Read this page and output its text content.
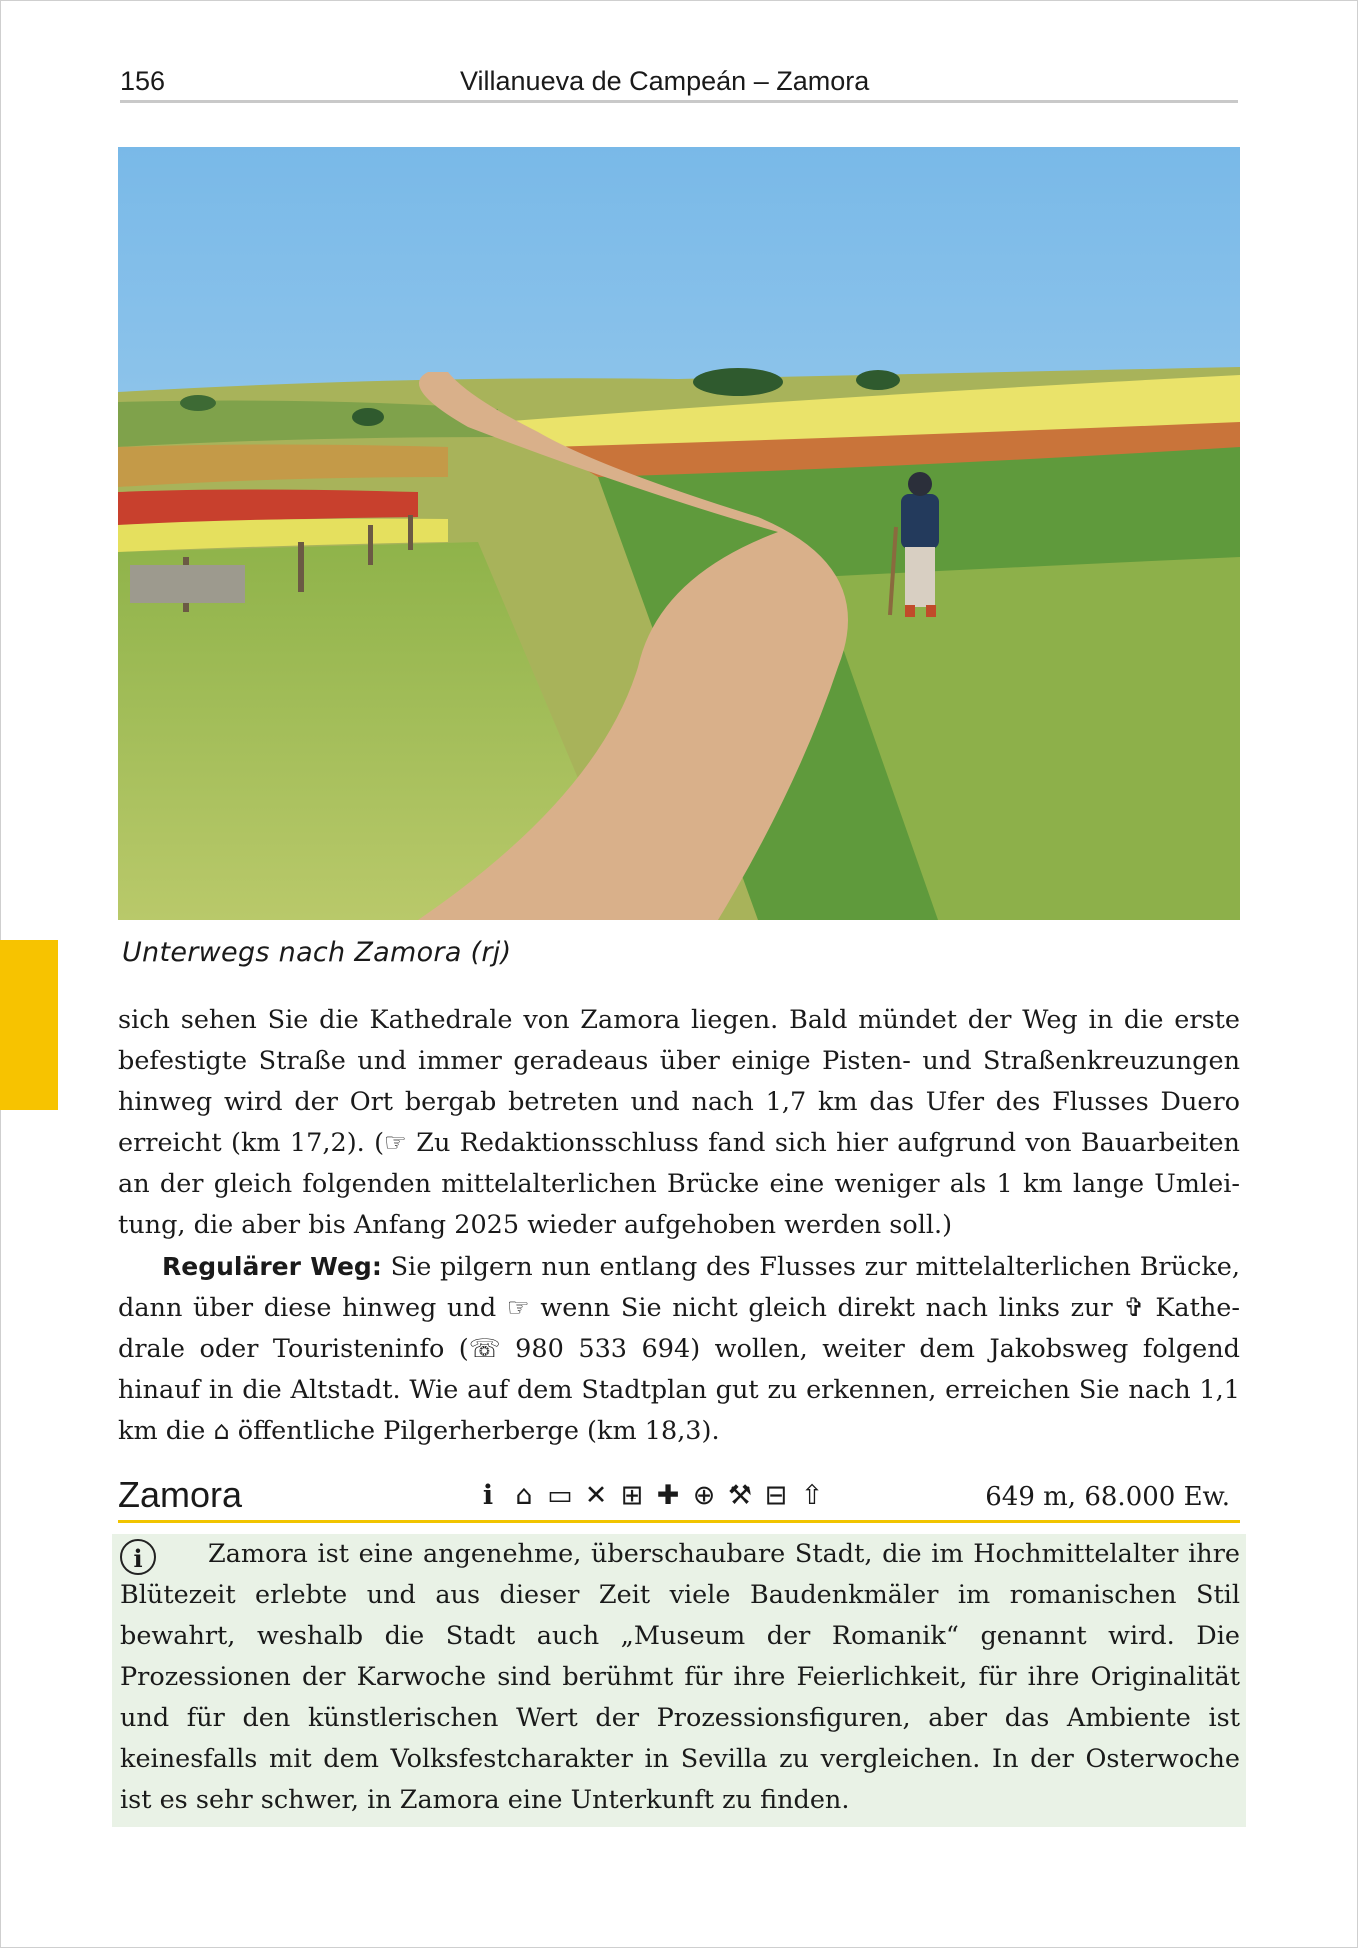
156	Villanueva de Campeán – Zamora
Unterwegs nach Zamora (rj)

sich sehen Sie die Kathedrale von Zamora liegen. Bald mündet der Weg in die erste befestigte Straße und immer geradeaus über einige Pisten- und Straßenkreuzungen hinweg wird der Ort bergab betreten und nach 1,7 km das Ufer des Flusses Duero erreicht (km 17,2). (☞ Zu Redaktionsschluss fand sich hier aufgrund von Bauarbeiten an der gleich folgenden mittelalterlichen Brücke eine weniger als 1 km lange Umleitung, die aber bis Anfang 2025 wieder aufgehoben werden soll.)

Regulärer Weg: Sie pilgern nun entlang des Flusses zur mittelalterlichen Brücke, dann über diese hinweg und ☞ wenn Sie nicht gleich direkt nach links zur ✞ Kathedrale oder Touristeninfo (☏ 980 533 694) wollen, weiter dem Jakobsweg folgend hinauf in die Altstadt. Wie auf dem Stadtplan gut zu erkennen, erreichen Sie nach 1,1 km die ⌂ öffentliche Pilgerherberge (km 18,3).

Zamora	ℹ ⌂ ▭ ✕ ⊞ ✚ ⊕ ⚒ ⊟ ⇧	649 m, 68.000 Ew.
i	Zamora ist eine angenehme, überschaubare Stadt, die im Hochmittelalter ihre Blütezeit erlebte und aus dieser Zeit viele Baudenkmäler im romanischen Stil bewahrt, weshalb die Stadt auch „Museum der Romanik“ genannt wird. Die Prozessionen der Karwoche sind berühmt für ihre Feierlichkeit, für ihre Originalität und für den künstlerischen Wert der Prozessionsfiguren, aber das Ambiente ist keinesfalls mit dem Volksfestcharakter in Sevilla zu vergleichen. In der Osterwoche ist es sehr schwer, in Zamora eine Unterkunft zu finden.
